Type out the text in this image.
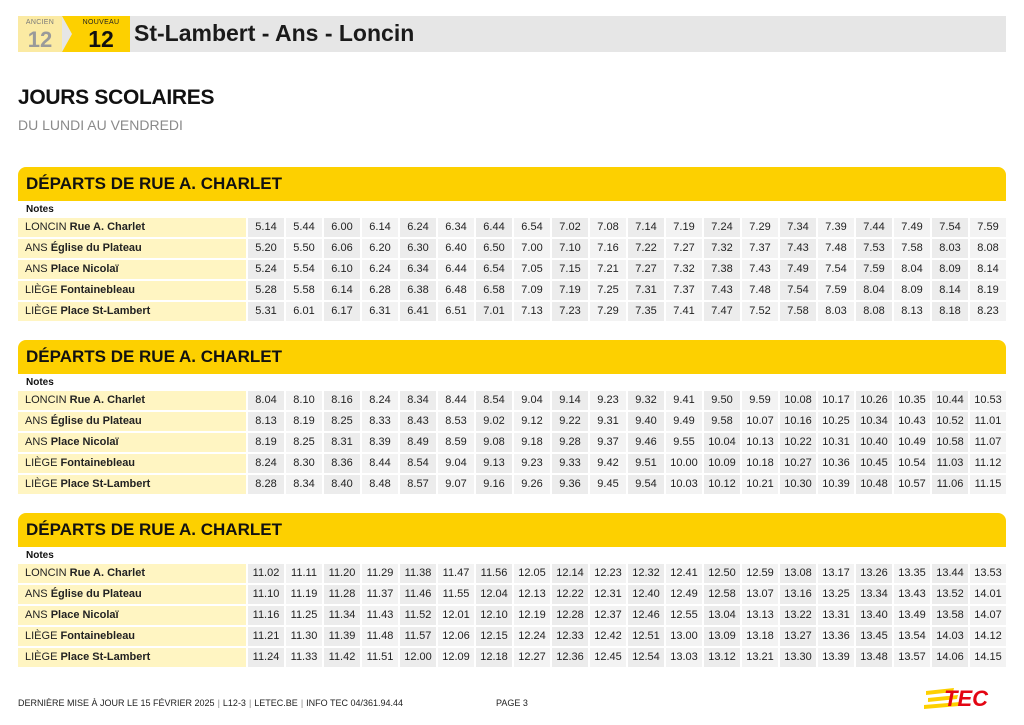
ANCIEN
12
NOUVEAU
12 St-Lambert - Ans - Loncin
JOURS SCOLAIRES
DU LUNDI AU VENDREDI
DÉPARTS DE RUE A. CHARLET
Notes
LONCIN Rue A. Charlet	5.14	5.44	6.00	6.14	6.24	6.34	6.44	6.54	7.02	7.08	7.14	7.19	7.24	7.29	7.34	7.39	7.44	7.49	7.54	7.59
ANS Église du Plateau	5.20	5.50	6.06	6.20	6.30	6.40	6.50	7.00	7.10	7.16	7.22	7.27	7.32	7.37	7.43	7.48	7.53	7.58	8.03	8.08
ANS Place Nicolaï	5.24	5.54	6.10	6.24	6.34	6.44	6.54	7.05	7.15	7.21	7.27	7.32	7.38	7.43	7.49	7.54	7.59	8.04	8.09	8.14
LIÈGE Fontainebleau	5.28	5.58	6.14	6.28	6.38	6.48	6.58	7.09	7.19	7.25	7.31	7.37	7.43	7.48	7.54	7.59	8.04	8.09	8.14	8.19
LIÈGE Place St-Lambert	5.31	6.01	6.17	6.31	6.41	6.51	7.01	7.13	7.23	7.29	7.35	7.41	7.47	7.52	7.58	8.03	8.08	8.13	8.18	8.23
DÉPARTS DE RUE A. CHARLET
Notes
LONCIN Rue A. Charlet	8.04	8.10	8.16	8.24	8.34	8.44	8.54	9.04	9.14	9.23	9.32	9.41	9.50	9.59	10.08 10.17 10.26 10.35 10.44 10.53
ANS Église du Plateau	8.13	8.19	8.25	8.33	8.43	8.53	9.02	9.12	9.22	9.31	9.40	9.49	9.58	10.07 10.16 10.25 10.34 10.43 10.52 11.01
ANS Place Nicolaï	8.19	8.25	8.31	8.39	8.49	8.59	9.08	9.18	9.28	9.37	9.46	9.55	10.04 10.13 10.22 10.31 10.40 10.49 10.58 11.07
LIÈGE Fontainebleau	8.24	8.30	8.36	8.44	8.54	9.04	9.13	9.23	9.33	9.42	9.51	10.00 10.09 10.18 10.27 10.36 10.45 10.54 11.03	11.12
LIÈGE Place St-Lambert	8.28	8.34	8.40	8.48	8.57	9.07	9.16	9.26	9.36	9.45	9.54	10.03 10.12 10.21 10.30 10.39 10.48 10.57 11.06	11.15
DÉPARTS DE RUE A. CHARLET
Notes
LONCIN Rue A. Charlet	11.02	11.11	11.20	11.29	11.38	11.47	11.56 12.05 12.14 12.23 12.32 12.41 12.50 12.59 13.08 13.17 13.26 13.35 13.44 13.53
ANS Église du Plateau	11.10	11.19	11.28	11.37	11.46	11.55 12.04 12.13 12.22 12.31 12.40 12.49 12.58 13.07 13.16 13.25 13.34 13.43 13.52 14.01
ANS Place Nicolaï	11.16	11.25	11.34	11.43	11.52 12.01 12.10 12.19 12.28 12.37 12.46 12.55 13.04 13.13 13.22 13.31 13.40 13.49 13.58 14.07
LIÈGE Fontainebleau	11.21	11.30	11.39	11.48	11.57 12.06 12.15 12.24 12.33 12.42 12.51 13.00 13.09 13.18 13.27 13.36 13.45 13.54 14.03 14.12
LIÈGE Place St-Lambert	11.24	11.33	11.42	11.51 12.00 12.09 12.18 12.27 12.36 12.45 12.54 13.03 13.12 13.21 13.30 13.39 13.48 13.57 14.06 14.15
DERNIÈRE MISE À JOUR LE 15 FÉVRIER 2025 | L12-3 | LETEC.BE | INFO TEC 04/361.94.44	PAGE 3	TEC
